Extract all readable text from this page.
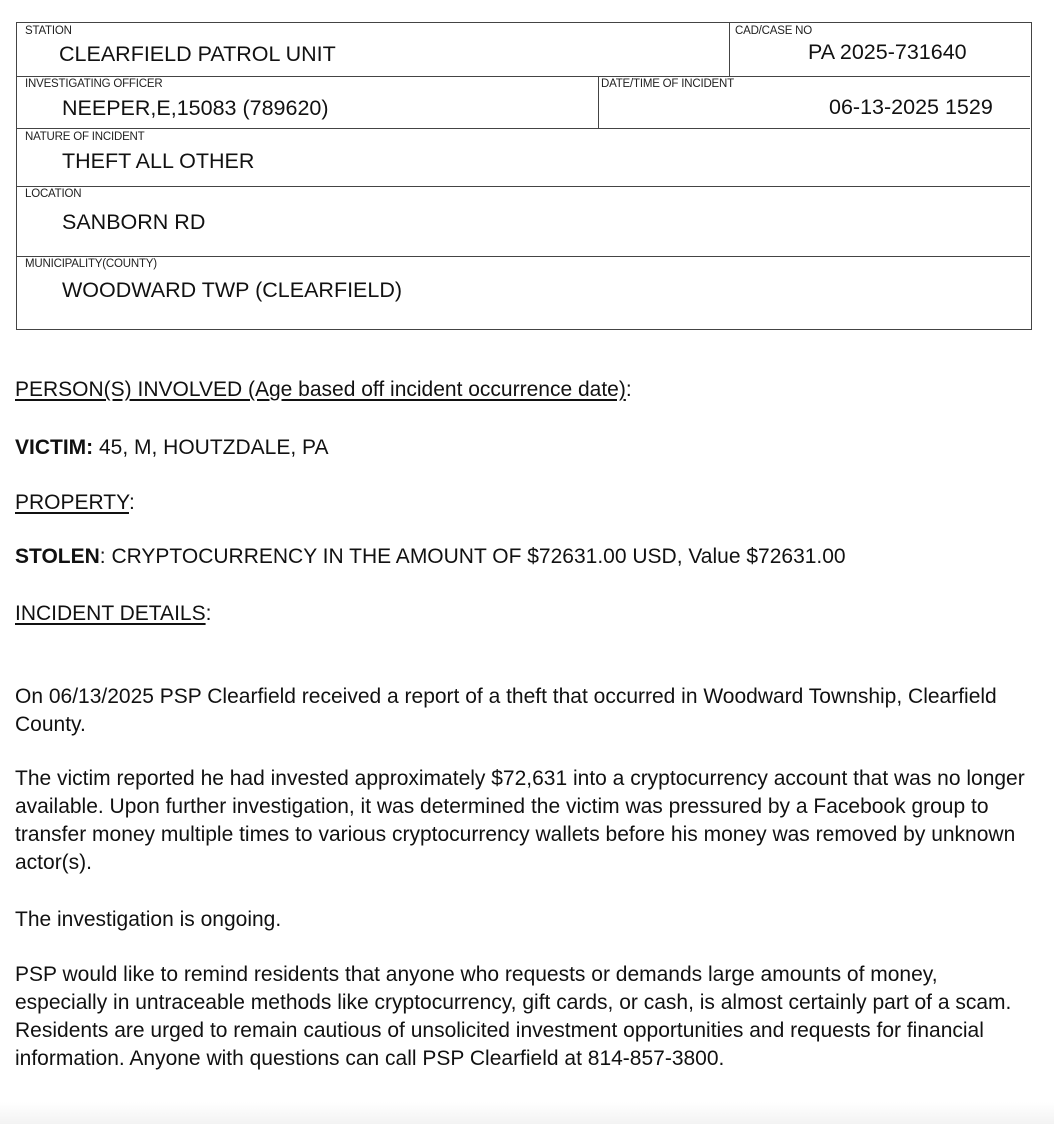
STATION
CLEARFIELD PATROL UNIT
CAD/CASE NO
PA 2025-731640
INVESTIGATING OFFICER
NEEPER,E,15083 (789620)
DATE/TIME OF INCIDENT
06-13-2025 1529
NATURE OF INCIDENT
THEFT ALL OTHER
LOCATION
SANBORN RD
MUNICIPALITY(COUNTY)
WOODWARD TWP (CLEARFIELD)
PERSON(S) INVOLVED (Age based off incident occurrence date):
VICTIM: 45, M, HOUTZDALE, PA
PROPERTY:
STOLEN: CRYPTOCURRENCY IN THE AMOUNT OF $72631.00 USD, Value $72631.00
INCIDENT DETAILS:

On 06/13/2025 PSP Clearfield received a report of a theft that occurred in Woodward Township, Clearfield County.

The victim reported he had invested approximately $72,631 into a cryptocurrency account that was no longer available. Upon further investigation, it was determined the victim was pressured by a Facebook group to transfer money multiple times to various cryptocurrency wallets before his money was removed by unknown actor(s).

The investigation is ongoing.

PSP would like to remind residents that anyone who requests or demands large amounts of money, especially in untraceable methods like cryptocurrency, gift cards, or cash, is almost certainly part of a scam. Residents are urged to remain cautious of unsolicited investment opportunities and requests for financial information. Anyone with questions can call PSP Clearfield at 814-857-3800.
